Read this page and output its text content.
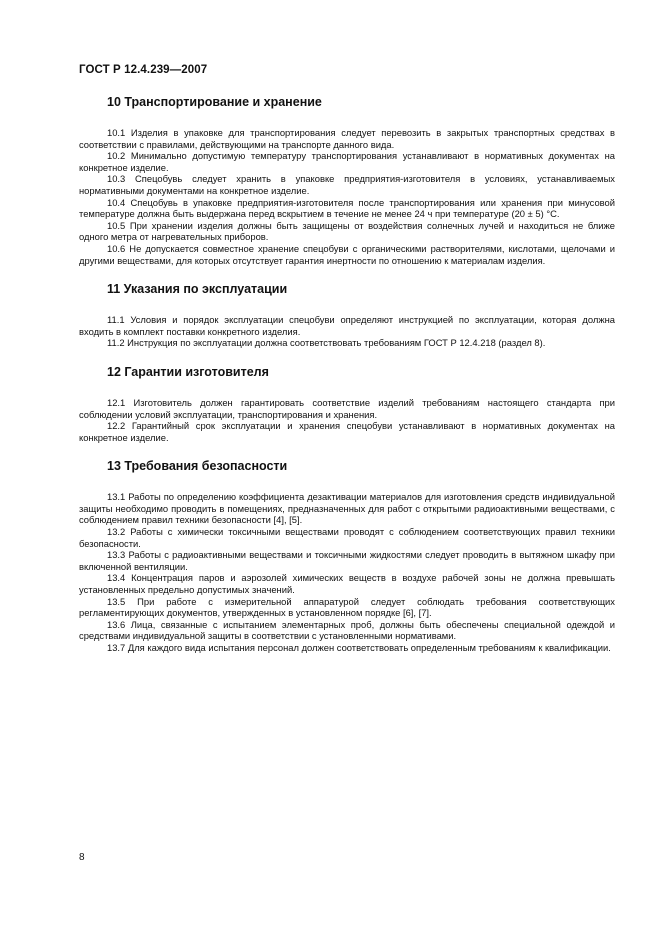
ГОСТ Р 12.4.239—2007
10 Транспортирование и хранение

10.1 Изделия в упаковке для транспортирования следует перевозить в закрытых транспортных средствах в соответствии с правилами, действующими на транспорте данного вида.

10.2 Минимально допустимую температуру транспортирования устанавливают в нормативных документах на конкретное изделие.

10.3 Спецобувь следует хранить в упаковке предприятия-изготовителя в условиях, устанавливаемых нормативными документами на конкретное изделие.

10.4 Спецобувь в упаковке предприятия-изготовителя после транспортирования или хранения при минусовой температуре должна быть выдержана перед вскрытием в течение не менее 24 ч при температуре (20 ± 5) °С.

10.5 При хранении изделия должны быть защищены от воздействия солнечных лучей и находиться не ближе одного метра от нагревательных приборов.

10.6 Не допускается совместное хранение спецобуви с органическими растворителями, кислотами, щелочами и другими веществами, для которых отсутствует гарантия инертности по отношению к материалам изделия.

11 Указания по эксплуатации

11.1 Условия и порядок эксплуатации спецобуви определяют инструкцией по эксплуатации, которая должна входить в комплект поставки конкретного изделия.

11.2 Инструкция по эксплуатации должна соответствовать требованиям ГОСТ Р 12.4.218 (раздел 8).

12 Гарантии изготовителя

12.1 Изготовитель должен гарантировать соответствие изделий требованиям настоящего стандарта при соблюдении условий эксплуатации, транспортирования и хранения.

12.2 Гарантийный срок эксплуатации и хранения спецобуви устанавливают в нормативных документах на конкретное изделие.

13 Требования безопасности

13.1 Работы по определению коэффициента дезактивации материалов для изготовления средств индивидуальной защиты необходимо проводить в помещениях, предназначенных для работ с открытыми радиоактивными веществами, с соблюдением правил техники безопасности [4], [5].

13.2 Работы с химически токсичными веществами проводят с соблюдением соответствующих правил техники безопасности.

13.3 Работы с радиоактивными веществами и токсичными жидкостями следует проводить в вытяжном шкафу при включенной вентиляции.

13.4 Концентрация паров и аэрозолей химических веществ в воздухе рабочей зоны не должна превышать установленных предельно допустимых значений.

13.5 При работе с измерительной аппаратурой следует соблюдать требования соответствующих регламентирующих документов, утвержденных в установленном порядке [6], [7].

13.6 Лица, связанные с испытанием элементарных проб, должны быть обеспечены специальной одеждой и средствами индивидуальной защиты в соответствии с установленными нормативами.

13.7 Для каждого вида испытания персонал должен соответствовать определенным требованиям к квалификации.

8
